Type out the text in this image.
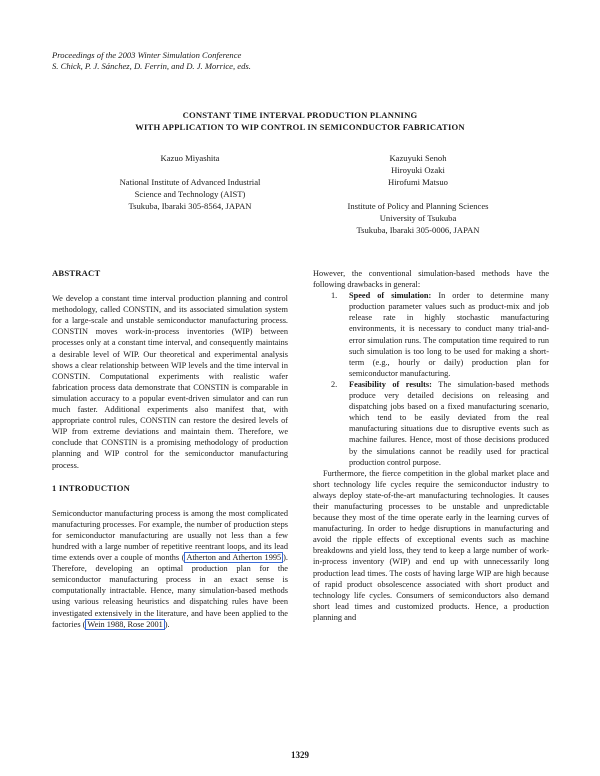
Proceedings of the 2003 Winter Simulation Conference
S. Chick, P. J. Sánchez, D. Ferrin, and D. J. Morrice, eds.
CONSTANT TIME INTERVAL PRODUCTION PLANNING
WITH APPLICATION TO WIP CONTROL IN SEMICONDUCTOR FABRICATION
Kazuo Miyashita
National Institute of Advanced Industrial
Science and Technology (AIST)
Tsukuba, Ibaraki 305-8564, JAPAN
Kazuyuki Senoh
Hiroyuki Ozaki
Hirofumi Matsuo
Institute of Policy and Planning Sciences
University of Tsukuba
Tsukuba, Ibaraki 305-0006, JAPAN
ABSTRACT

We develop a constant time interval production planning and control methodology, called CONSTIN, and its associated simulation system for a large-scale and unstable semiconductor manufacturing process. CONSTIN moves work-in-process inventories (WIP) between processes only at a constant time interval, and consequently maintains a desirable level of WIP. Our theoretical and experimental analysis shows a clear relationship between WIP levels and the time interval in CONSTIN. Computational experiments with realistic wafer fabrication process data demonstrate that CONSTIN is comparable in simulation accuracy to a popular event-driven simulator and can run much faster. Additional experiments also manifest that, with appropriate control rules, CONSTIN can restore the desired levels of WIP from extreme deviations and maintain them. Therefore, we conclude that CONSTIN is a promising methodology of production planning and WIP control for the semiconductor manufacturing process.

1 INTRODUCTION

Semiconductor manufacturing process is among the most complicated manufacturing processes. For example, the number of production steps for semiconductor manufacturing are usually not less than a few hundred with a large number of repetitive reentrant loops, and its lead time extends over a couple of months ( Atherton and Atherton 1995 ). Therefore, developing an optimal production plan for the semiconductor manufacturing process in an exact sense is computationally intractable. Hence, many simulation-based methods using various releasing heuristics and dispatching rules have been investigated extensively in the literature, and have been applied to the factories ( Wein 1988, Rose 2001 ).

However, the conventional simulation-based methods have the following drawbacks in general:

1. Speed of simulation: In order to determine many production parameter values such as product-mix and job release rate in highly stochastic manufacturing environments, it is necessary to conduct many trial-and-error simulation runs. The computation time required to run such simulation is too long to be used for making a short-term (e.g., hourly or daily) production plan for semiconductor manufacturing.
2. Feasibility of results: The simulation-based methods produce very detailed decisions on releasing and dispatching jobs based on a fixed manufacturing scenario, which tend to be easily deviated from the real manufacturing situations due to disruptive events such as machine failures. Hence, most of those decisions produced by the simulations cannot be readily used for practical production control purpose.

Furthermore, the fierce competition in the global market place and short technology life cycles require the semiconductor industry to always deploy state-of-the-art manufacturing technologies. It causes their manufacturing processes to be unstable and unpredictable because they most of the time operate early in the learning curves of manufacturing. In order to hedge disruptions in manufacturing and avoid the ripple effects of exceptional events such as machine breakdowns and yield loss, they tend to keep a large number of work-in-process inventory (WIP) and end up with unnecessarily long production lead times. The costs of having large WIP are high because of rapid product obsolescence associated with short product and technology life cycles. Consumers of semiconductors also demand short lead times and customized products. Hence, a production planning and

1329
